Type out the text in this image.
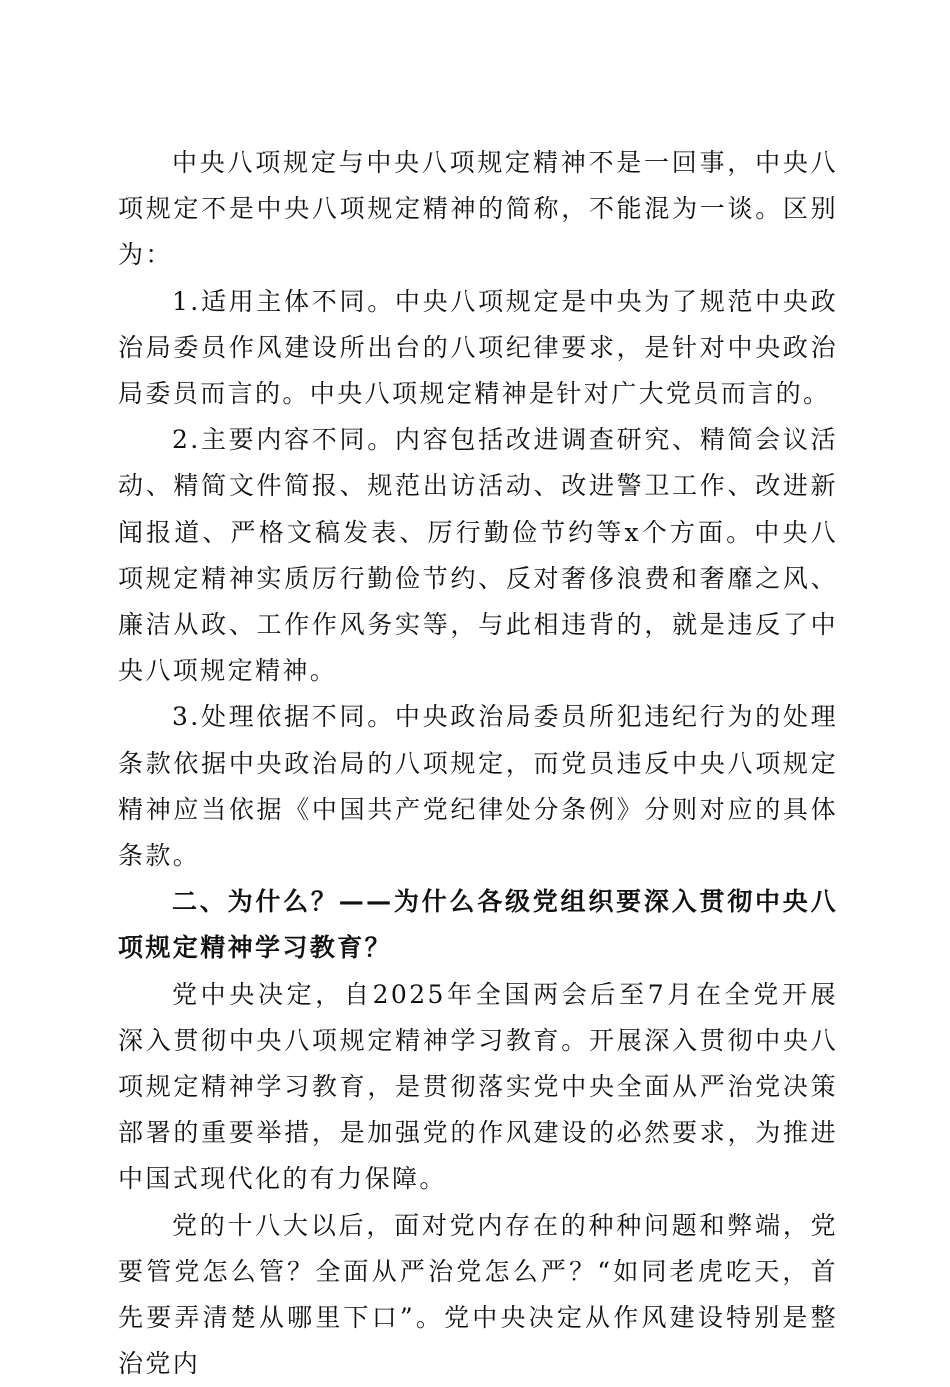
中央八项规定与中央八项规定精神不是一回事，中央八项规定不是中央八项规定精神的简称，不能混为一谈。区别为：

1.适用主体不同。中央八项规定是中央为了规范中央政治局委员作风建设所出台的八项纪律要求，是针对中央政治局委员而言的。中央八项规定精神是针对广大党员而言的。

2.主要内容不同。内容包括改进调查研究、精简会议活动、精简文件简报、规范出访活动、改进警卫工作、改进新闻报道、严格文稿发表、厉行勤俭节约等x个方面。中央八项规定精神实质厉行勤俭节约、反对奢侈浪费和奢靡之风、廉洁从政、工作作风务实等，与此相违背的，就是违反了中央八项规定精神。

3.处理依据不同。中央政治局委员所犯违纪行为的处理条款依据中央政治局的八项规定，而党员违反中央八项规定精神应当依据《中国共产党纪律处分条例》分则对应的具体条款。

二、为什么？——为什么各级党组织要深入贯彻中央八项规定精神学习教育？

党中央决定，自2025年全国两会后至7月在全党开展深入贯彻中央八项规定精神学习教育。开展深入贯彻中央八项规定精神学习教育，是贯彻落实党中央全面从严治党决策部署的重要举措，是加强党的作风建设的必然要求，为推进中国式现代化的有力保障。

党的十八大以后，面对党内存在的种种问题和弊端，党要管党怎么管？全面从严治党怎么严？“如同老虎吃天，首先要弄清楚从哪里下口”。党中央决定从作风建设特别是整治党内
